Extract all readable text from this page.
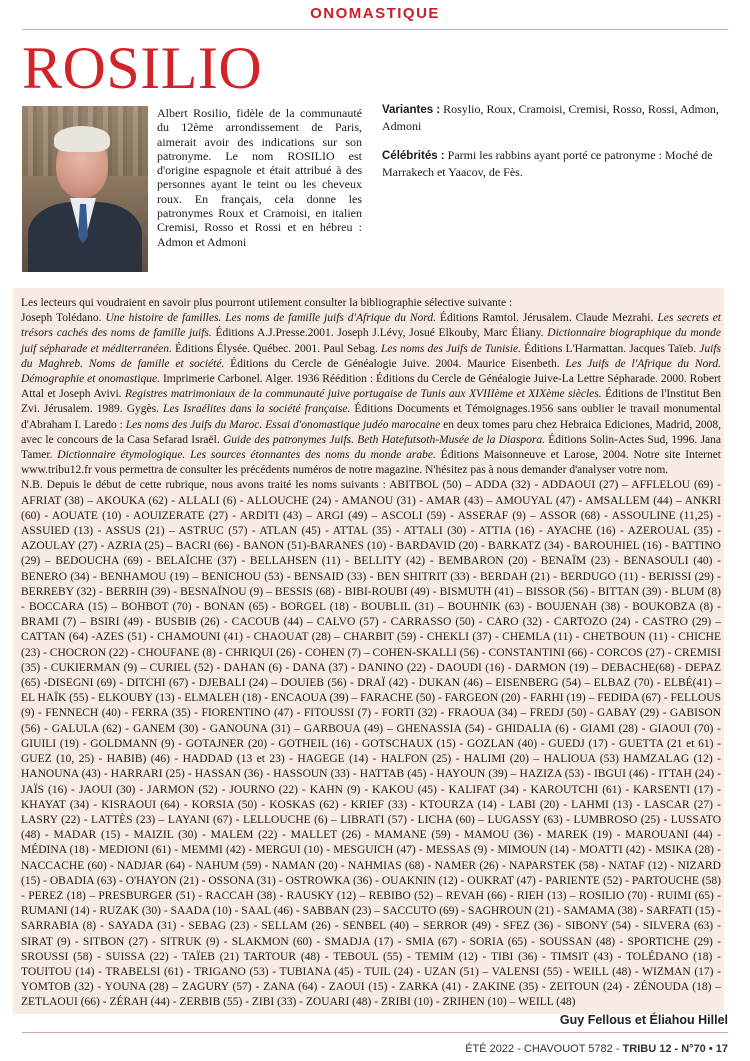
ONOMASTIQUE
ROSILIO

Albert Rosilio, fidèle de la communauté du 12ème arrondissement de Paris, aimerait avoir des indications sur son patronyme. Le nom ROSILIO est d'origine espagnole et était attribué à des personnes ayant le teint ou les cheveux roux. En français, cela donne les patronymes Roux et Cramoisi, en italien Cremisi, Rosso et Rossi et en hébreu : Admon et Admoni

Variantes : Rosylio, Roux, Cramoisi, Cremisi, Rosso, Rossi, Admon, Admoni

Célébrités : Parmi les rabbins ayant porté ce patronyme : Moché de Marrakech et Yaacov, de Fès.

Les lecteurs qui voudraient en savoir plus pourront utilement consulter la bibliographie sélective suivante :

Joseph Tolédano. Une histoire de familles. Les noms de famille juifs d'Afrique du Nord. Éditions Ramtol. Jérusalem. Claude Mezrahi. Les secrets et trésors cachés des noms de famille juifs. Éditions A.J.Presse.2001. Joseph J.Lévy, Josué Elkouby, Marc Éliany. Dictionnaire biographique du monde juif sépharade et méditerranéen. Éditions Élysée. Québec. 2001. Paul Sebag. Les noms des Juifs de Tunisie. Éditions L'Harmattan. Jacques Taïeb. Juifs du Maghreb. Noms de famille et société. Éditions du Cercle de Généalogie Juive. 2004. Maurice Eisenbeth. Les Juifs de l'Afrique du Nord. Démographie et onomastique. Imprimerie Carbonel. Alger. 1936 Réédition : Éditions du Cercle de Généalogie Juive-La Lettre Sépharade. 2000. Robert Attal et Joseph Avivi. Registres matrimoniaux de la communauté juive portugaise de Tunis aux XVIIIème et XIXème siècles. Éditions de l'Institut Ben Zvi. Jérusalem. 1989. Gygès. Les Israélites dans la société française. Éditions Documents et Témoignages.1956 sans oublier le travail monumental d'Abraham I. Laredo : Les noms des Juifs du Maroc. Essai d'onomastique judéo marocaine en deux tomes paru chez Hebraica Ediciones, Madrid, 2008, avec le concours de la Casa Sefarad Israël. Guide des patronymes Juifs. Beth Hatefutsoth-Musée de la Diaspora. Éditions Solin-Actes Sud, 1996. Jana Tamer. Dictionnaire étymologique. Les sources étonnantes des noms du monde arabe. Éditions Maisonneuve et Larose, 2004. Notre site Internet www.tribu12.fr vous permettra de consulter les précédents numéros de notre magazine. N'hésitez pas à nous demander d'analyser votre nom.

N.B. Depuis le début de cette rubrique, nous avons traité les noms suivants : ABITBOL (50) – ADDA (32) - ADDAOUI (27) – AFFLELOU (69) - AFRIAT (38) – AKOUKA (62) - ALLALI (6) - ALLOUCHE (24) - AMANOU (31) - AMAR (43) – AMOUYAL (47) - AMSALLEM (44) – ANKRI (60) - AOUATE (10) - AOUIZERATE (27) - ARDITI (43) – ARGI (49) – ASCOLI (59) - ASSERAF (9) – ASSOR (68) - ASSOULINE (11,25) - ASSUIED (13) - ASSUS (21) – ASTRUC (57) - ATLAN (45) - ATTAL (35) - ATTALI (30) - ATTIA (16) - AYACHE (16) - AZEROUAL (35) - AZOULAY (27) - AZRIA (25) – BACRI (66) - BANON (51)-BARANES (10) - BARDAVID (20) - BARKATZ (34) - BAROUHIEL (16) - BATTINO (29) – BEDOUCHA (69) - BELAÏCHE (37) - BELLAHSEN (11) - BELLITY (42) - BEMBARON (20) - BENAÏM (23) - BENASOULI (40) - BENERO (34) - BENHAMOU (19) – BENICHOU (53) - BENSAID (33) - BEN SHITRIT (33) - BERDAH (21) - BERDUGO (11) - BERISSI (29) - BERREBY (32) - BERRIH (39) - BESNAÏNOU (9) – BESSIS (68) - BIBI-ROUBI (49) - BISMUTH (41) – BISSOR (56) - BITTAN (39) - BLUM (8) - BOCCARA (15) – BOHBOT (70) - BONAN (65) - BORGEL (18) - BOUBLIL (31) – BOUHNIK (63) - BOUJENAH (38) - BOUKOBZA (8) - BRAMI (7) – BSIRI (49) - BUSBIB (26) - CACOUB (44) – CALVO (57) - CARRASSO (50) - CARO (32) - CARTOZO (24) - CASTRO (29) – CATTAN (64) -AZES (51) - CHAMOUNI (41) - CHAOUAT (28) – CHARBIT (59) - CHEKLI (37) - CHEMLA (11) - CHETBOUN (11) - CHICHE (23) - CHOCRON (22) - CHOUFANE (8) - CHRIQUI (26) - COHEN (7) – COHEN-SKALLI (56) - CONSTANTINI (66) - CORCOS (27) - CREMISI (35) - CUKIERMAN (9) – CURIEL (52) - DAHAN (6) - DANA (37) - DANINO (22) - DAOUDI (16) - DARMON (19) – DEBACHE(68) - DEPAZ (65) -DISEGNI (69) - DITCHI (67) - DJEBALI (24) – DOUIEB (56) - DRAÏ (42) - DUKAN (46) – EISENBERG (54) – ELBAZ (70) - ELBÉ(41) – EL HAÏK (55) - ELKOUBY (13) - ELMALEH (18) - ENCAOUA (39) – FARACHE (50) - FARGEON (20) - FARHI (19) – FEDIDA (67) - FELLOUS (9) - FENNECH (40) - FERRA (35) - FIORENTINO (47) - FITOUSSI (7) - FORTI (32) - FRAOUA (34) – FREDJ (50) - GABAY (29) - GABISON (56) - GALULA (62) - GANEM (30) - GANOUNA (31) – GARBOUA (49) – GHENASSIA (54) - GHIDALIA (6) - GIAMI (28) - GIAOUI (70) - GIUILI (19) - GOLDMANN (9) - GOTAJNER (20) - GOTHEIL (16) - GOTSCHAUX (15) - GOZLAN (40) - GUEDJ (17) - GUETTA (21 et 61) - GUEZ (10, 25) - HABIB) (46) - HADDAD (13 et 23) - HAGEGE (14) - HALFON (25) - HALIMI (20) – HALIOUA (53) HAMZALAG (12) - HANOUNA (43) - HARRARI (25) - HASSAN (36) - HASSOUN (33) - HATTAB (45) - HAYOUN (39) – HAZIZA (53) - IBGUI (46) - ITTAH (24) - JAÏS (16) - JAOUI (30) - JARMON (52) - JOURNO (22) - KAHN (9) - KAKOU (45) - KALIFAT (34) - KAROUTCHI (61) - KARSENTI (17) - KHAYAT (34) - KISRAOUI (64) - KORSIA (50) - KOSKAS (62) - KRIEF (33) - KTOURZA (14) - LABI (20) - LAHMI (13) - LASCAR (27) - LASRY (22) - LATTÈS (23) – LAYANI (67) - LELLOUCHE (6) – LIBRATI (57) - LICHA (60) – LUGASSY (63) - LUMBROSO (25) - LUSSATO (48) - MADAR (15) - MAIZIL (30) - MALEM (22) - MALLET (26) - MAMANE (59) - MAMOU (36) - MAREK (19) - MAROUANI (44) - MÉDINA (18) - MEDIONI (61) - MEMMI (42) - MERGUI (10) - MESGUICH (47) - MESSAS (9) - MIMOUN (14) - MOATTI (42) - MSIKA (28) - NACCACHE (60) - NADJAR (64) - NAHUM (59) - NAMAN (20) - NAHMIAS (68) - NAMER (26) - NAPARSTEK (58) - NATAF (12) - NIZARD (15) - OBADIA (63) - O'HAYON (21) - OSSONA (31) - OSTROWKA (36) - OUAKNIN (12) - OUKRAT (47) - PARIENTE (52) - PARTOUCHE (58) - PEREZ (18) – PRESBURGER (51) - RACCAH (38) - RAUSKY (12) – REBIBO (52) – REVAH (66) - RIEH (13) – ROSILIO (70) - RUIMI (65) - RUMANI (14) - RUZAK (30) - SAADA (10) - SAAL (46) - SABBAN (23) – SACCUTO (69) - SAGHROUN (21) - SAMAMA (38) - SARFATI (15) - SARRABIA (8) - SAYADA (31) - SEBAG (23) - SELLAM (26) - SENBEL (40) – SERROR (49) - SFEZ (36) - SIBONY (54) - SILVERA (63) - SIRAT (9) - SITBON (27) - SITRUK (9) - SLAKMON (60) - SMADJA (17) - SMIA (67) - SORIA (65) - SOUSSAN (48) - SPORTICHE (29) - SROUSSI (58) - SUISSA (22) - TAÏEB (21) TARTOUR (48) - TEBOUL (55) - TEMIM (12) - TIBI (36) - TIMSIT (43) - TOLÉDANO (18) - TOUITOU (14) - TRABELSI (61) - TRIGANO (53) - TUBIANA (45) - TUIL (24) - UZAN (51) – VALENSI (55) - WEILL (48) - WIZMAN (17) - YOMTOB (32) - YOUNA (28) – ZAGURY (57) - ZANA (64) - ZAOUI (15) - ZARKA (41) - ZAKINE (35) - ZEITOUN (24) - ZÉNOUDA (18) – ZETLAOUI (66) - ZÉRAH (44) - ZERBIB (55) - ZIBI (33) - ZOUARI (48) - ZRIBI (10) - ZRIHEN (10) – WEILL (48)

Guy Fellous et Éliahou Hillel
ÉTÉ 2022 - CHAVOUOT 5782 - TRIBU 12 - N°70 • 17
